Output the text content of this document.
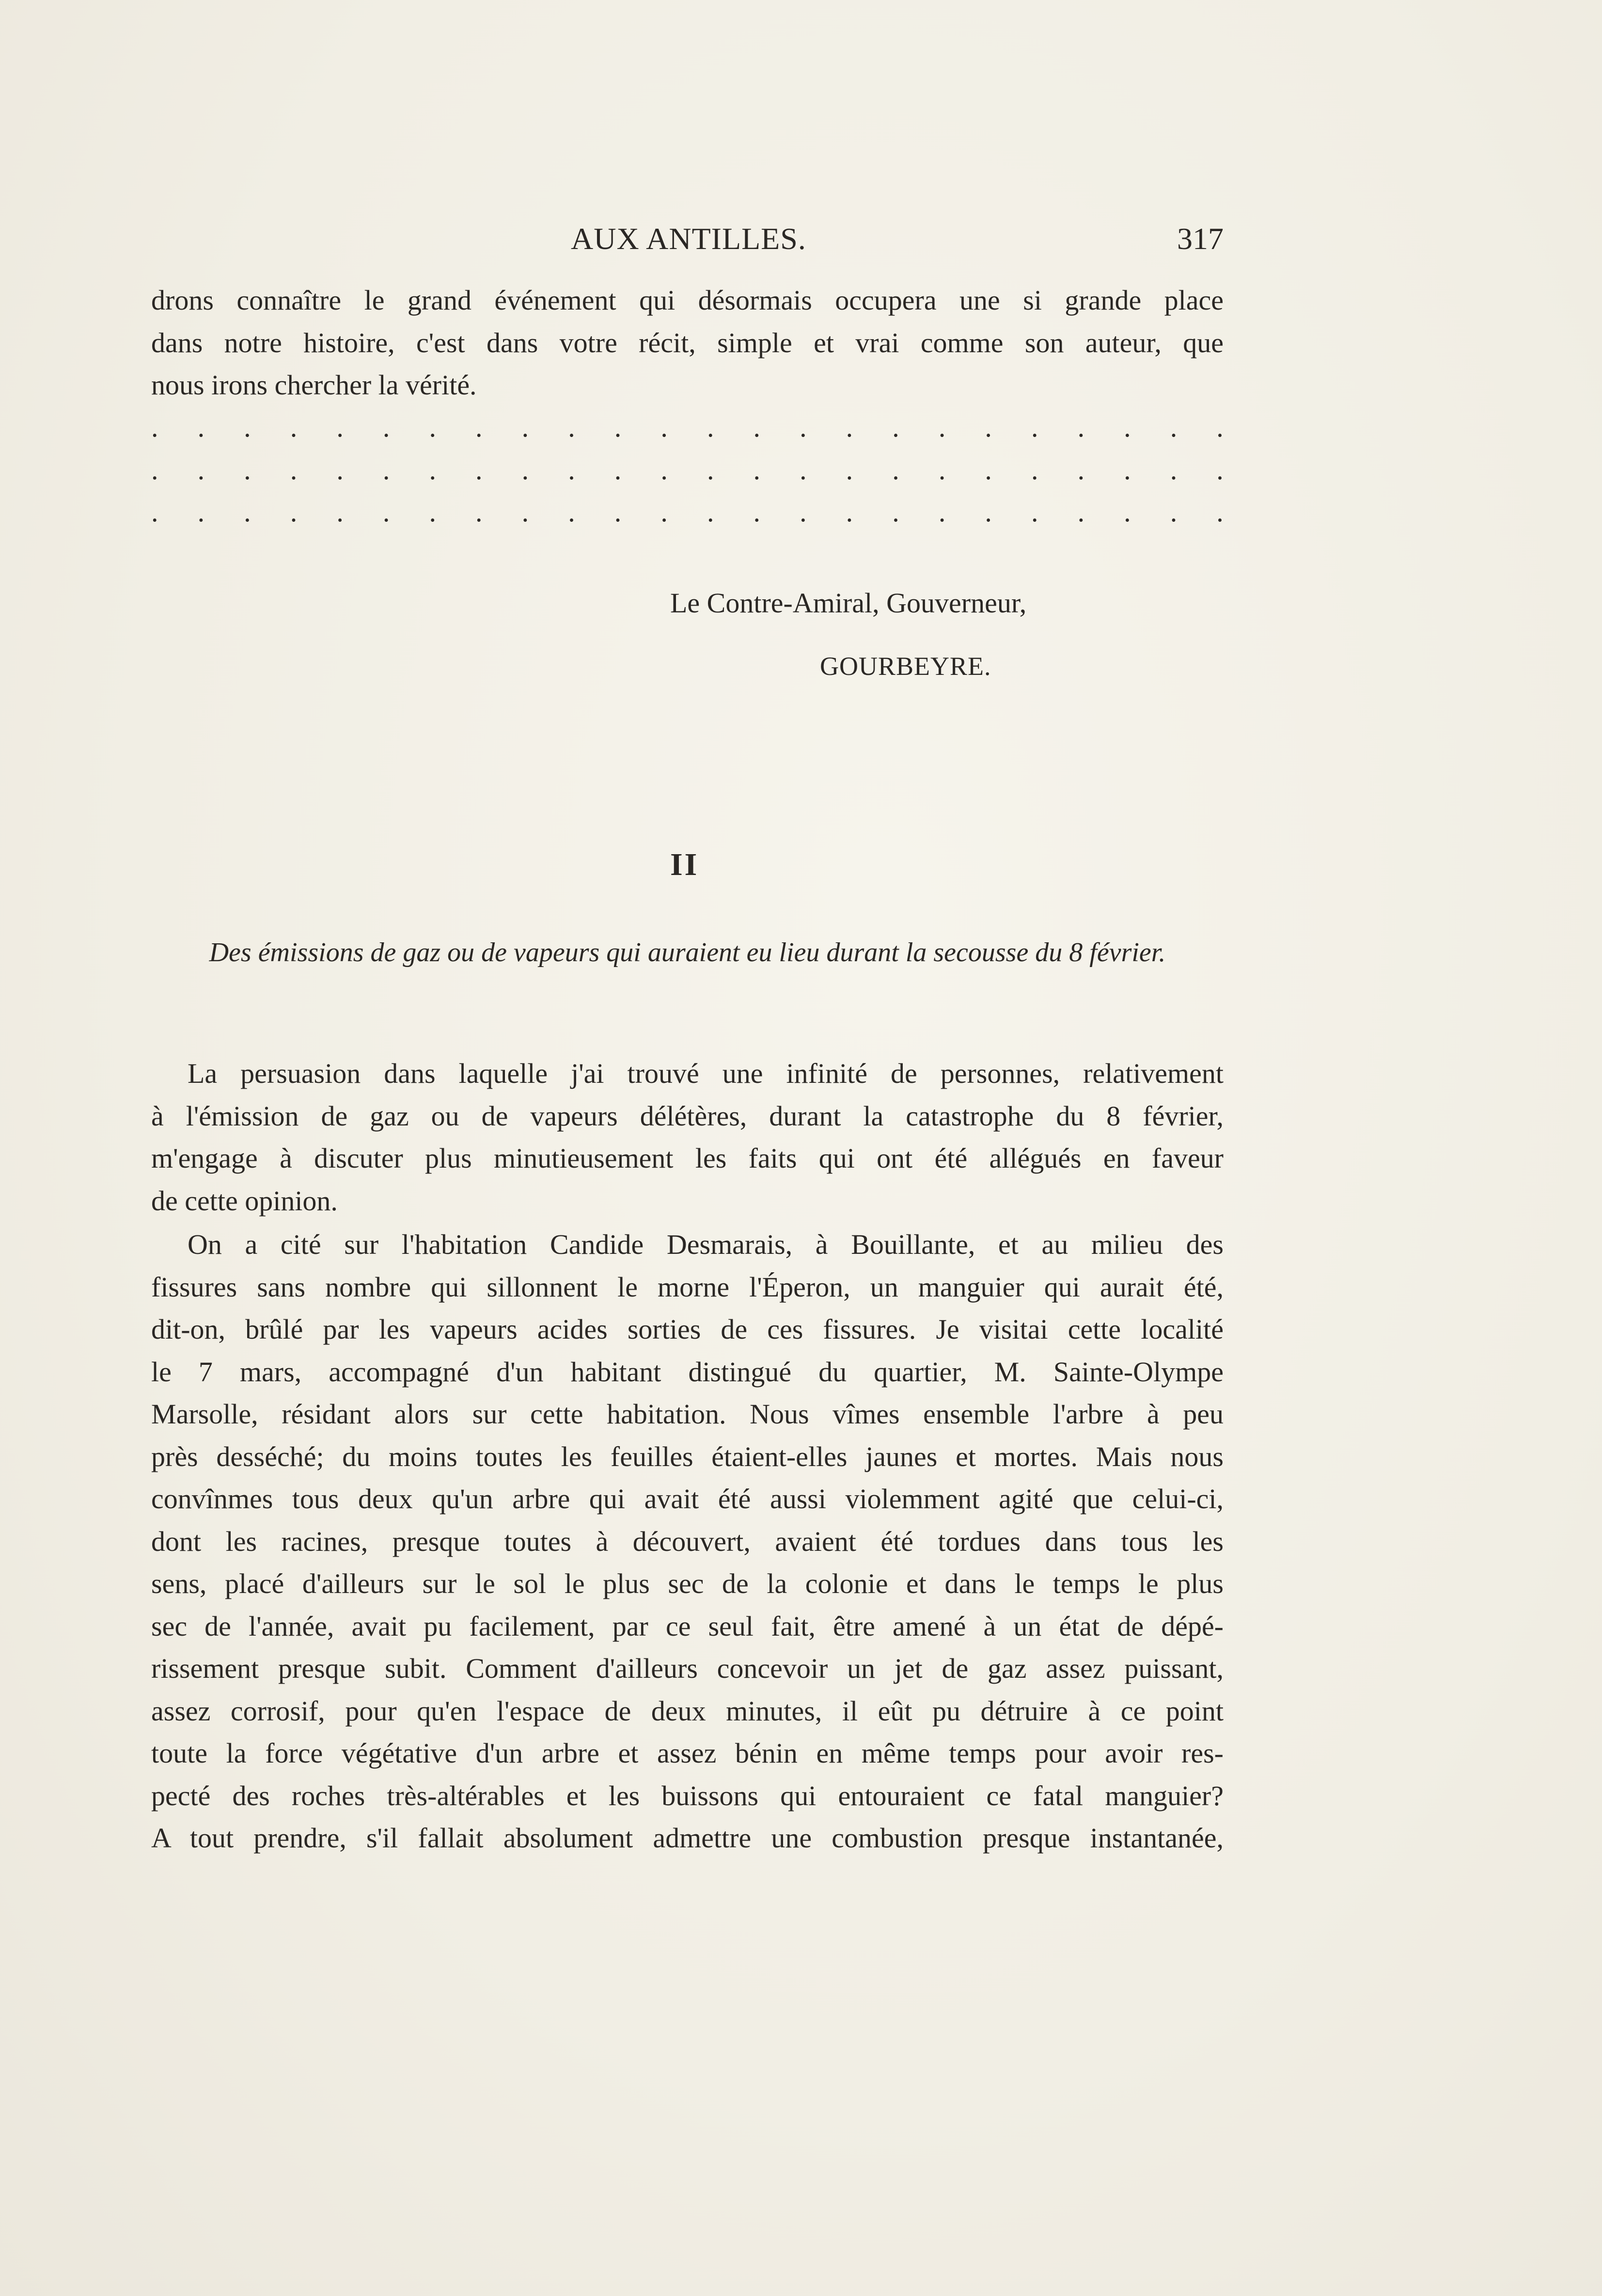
AUX ANTILLES.	317
drons connaître le grand événement qui désormais occupera une si grande place
dans notre histoire, c'est dans votre récit, simple et vrai comme son auteur, que
nous irons chercher la vérité.
. . . . . . . . . . . . . . . . . . . . . . . .
. . . . . . . . . . . . . . . . . . . . . . . .
. . . . . . . . . . . . . . . . . . . . . . . .
Le Contre-Amiral, Gouverneur,
GOURBEYRE.
II
Des émissions de gaz ou de vapeurs qui auraient eu lieu durant la secousse du 8 février.
La persuasion dans laquelle j'ai trouvé une infinité de personnes, relativement
à l'émission de gaz ou de vapeurs délétères, durant la catastrophe du 8 février,
m'engage à discuter plus minutieusement les faits qui ont été allégués en faveur
de cette opinion.
On a cité sur l'habitation Candide Desmarais, à Bouillante, et au milieu des
fissures sans nombre qui sillonnent le morne l'Éperon, un manguier qui aurait été,
dit-on, brûlé par les vapeurs acides sorties de ces fissures. Je visitai cette localité
le 7 mars, accompagné d'un habitant distingué du quartier, M. Sainte-Olympe
Marsolle, résidant alors sur cette habitation. Nous vîmes ensemble l'arbre à peu
près desséché; du moins toutes les feuilles étaient-elles jaunes et mortes. Mais nous
convînmes tous deux qu'un arbre qui avait été aussi violemment agité que celui-ci,
dont les racines, presque toutes à découvert, avaient été tordues dans tous les
sens, placé d'ailleurs sur le sol le plus sec de la colonie et dans le temps le plus
sec de l'année, avait pu facilement, par ce seul fait, être amené à un état de dépé-
rissement presque subit. Comment d'ailleurs concevoir un jet de gaz assez puissant,
assez corrosif, pour qu'en l'espace de deux minutes, il eût pu détruire à ce point
toute la force végétative d'un arbre et assez bénin en même temps pour avoir res-
pecté des roches très-altérables et les buissons qui entouraient ce fatal manguier?
A tout prendre, s'il fallait absolument admettre une combustion presque instantanée,
